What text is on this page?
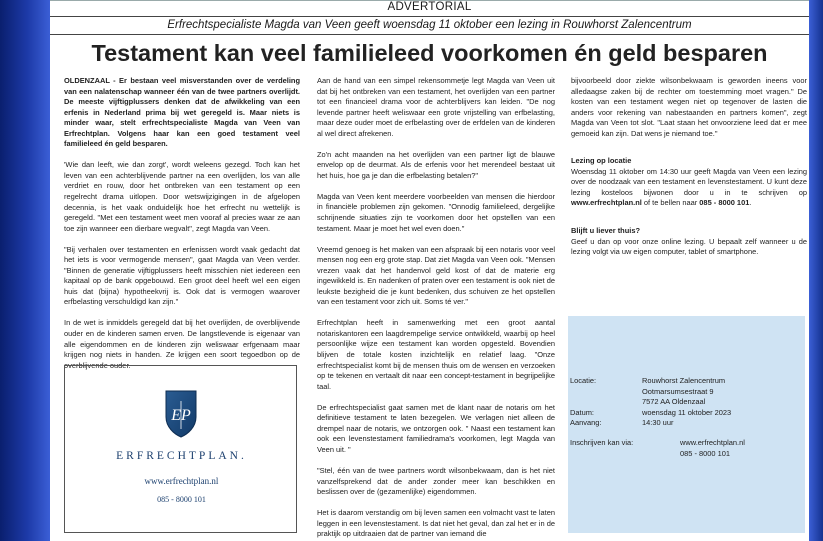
ADVERTORIAL
Erfrechtspecialiste Magda van Veen geeft woensdag 11 oktober een lezing in Rouwhorst Zalencentrum
Testament kan veel familieleed voorkomen én geld besparen

OLDENZAAL - Er bestaan veel misverstanden over de verdeling van een nalatenschap wanneer één van de twee partners overlijdt. De meeste vijftigplussers denken dat de afwikkeling van een erfenis in Nederland prima bij wet geregeld is. Maar niets is minder waar, stelt erfrechtspecialiste Magda van Veen van Erfrechtplan. Volgens haar kan een goed testament veel familieleed én geld besparen.

'Wie dan leeft, wie dan zorgt', wordt weleens gezegd. Toch kan het leven van een achterblijvende partner na een overlijden, los van alle verdriet en rouw, door het ontbreken van een testament op een regelrecht drama uitlopen. Door wetswijzigingen in de afgelopen decennia, is het vaak onduidelijk hoe het erfrecht nu wettelijk is geregeld. "Met een testament weet men vooraf al precies waar ze aan toe zijn wanneer een dierbare wegvalt", zegt Magda van Veen.

"Bij verhalen over testamenten en erfenissen wordt vaak gedacht dat het iets is voor vermogende mensen", gaat Magda van Veen verder. "Binnen de generatie vijftigplussers heeft misschien niet iedereen een kapitaal op de bank opgebouwd. Een groot deel heeft wel een eigen huis dat (bijna) hypotheekvrij is. Ook dat is vermogen waarover erfbelasting verschuldigd kan zijn."

In de wet is inmiddels geregeld dat bij het overlijden, de overblijvende ouder en de kinderen samen erven. De langstlevende is eigenaar van alle eigendommen en de kinderen zijn weliswaar erfgenaam maar krijgen nog niets in handen. Ze krijgen een soort tegoedbon op de overblijvende ouder.

EP
ERFRECHTPLAN.
www.erfrechtplan.nl
085 - 8000 101

Aan de hand van een simpel rekensommetje legt Magda van Veen uit dat bij het ontbreken van een testament, het overlijden van een partner tot een financieel drama voor de achterblijvers kan leiden. "De nog levende partner heeft weliswaar een grote vrijstelling van erfbelasting, maar deze ouder moet de erfbelasting over de erfdelen van de kinderen al wel direct afrekenen.

Zo'n acht maanden na het overlijden van een partner ligt de blauwe envelop op de deurmat. Als de erfenis voor het merendeel bestaat uit het huis, hoe ga je dan die erfbelasting betalen?"

Magda van Veen kent meerdere voorbeelden van mensen die hierdoor in financiële problemen zijn gekomen. "Onnodig familieleed, dergelijke schrijnende situaties zijn te voorkomen door het opstellen van een testament. Maar je moet het wel even doen."

Vreemd genoeg is het maken van een afspraak bij een notaris voor veel mensen nog een erg grote stap. Dat ziet Magda van Veen ook. "Mensen vrezen vaak dat het handenvol geld kost of dat de materie erg ingewikkeld is. En nadenken of praten over een testament is ook niet de leukste bezigheid die je kunt bedenken, dus schuiven ze het opstellen van een testament voor zich uit. Soms té ver."

Erfrechtplan heeft in samenwerking met een groot aantal notariskantoren een laagdrempelige service ontwikkeld, waarbij op heel persoonlijke wijze een testament kan worden opgesteld. Bovendien blijven de totale kosten inzichtelijk en relatief laag. "Onze erfrechtspecialist komt bij de mensen thuis om de wensen en verzoeken op te tekenen en vertaalt dit naar een concept-testament in begrijpelijke taal.

De erfrechtspecialist gaat samen met de klant naar de notaris om het definitieve testament te laten bezegelen. We verlagen niet alleen de drempel naar de notaris, we ontzorgen ook. " Naast een testament kan ook een levenstestament familiedrama's voorkomen, legt Magda van Veen uit. "

"Stel, één van de twee partners wordt wilsonbekwaam, dan is het niet vanzelfsprekend dat de ander zonder meer kan beschikken en beslissen over de (gezamenlijke) eigendommen.

Het is daarom verstandig om bij leven samen een volmacht vast te laten leggen in een levenstestament. Is dat niet het geval, dan zal het er in de praktijk op uitdraaien dat de partner van iemand die

bijvoorbeeld door ziekte wilsonbekwaam is geworden ineens voor alledaagse zaken bij de rechter om toestemming moet vragen." De kosten van een testament wegen niet op tegenover de lasten die anders voor rekening van nabestaanden en partners komen", zegt Magda van Veen tot slot. "Laat staan het onvoorziene leed dat er mee gemoeid kan zijn. Dat wens je niemand toe."

Lezing op locatie

Woensdag 11 oktober om 14:30 uur geeft Magda van Veen een lezing over de noodzaak van een testament en levenstestament. U kunt deze lezing kosteloos bijwonen door u in te schrijven op www.erfrechtplan.nl of te bellen naar 085 - 8000 101.

Blijft u liever thuis?

Geef u dan op voor onze online lezing. U bepaalt zelf wanneer u de lezing volgt via uw eigen computer, tablet of smartphone.

Locatie:	Rouwhorst Zalencentrum
Ootmarsumsestraat 9
7572 AA Oldenzaal
Datum:	woensdag 11 oktober 2023
Aanvang:	14:30 uur
Inschrijven kan via:	www.erfrechtplan.nl
085 - 8000 101
